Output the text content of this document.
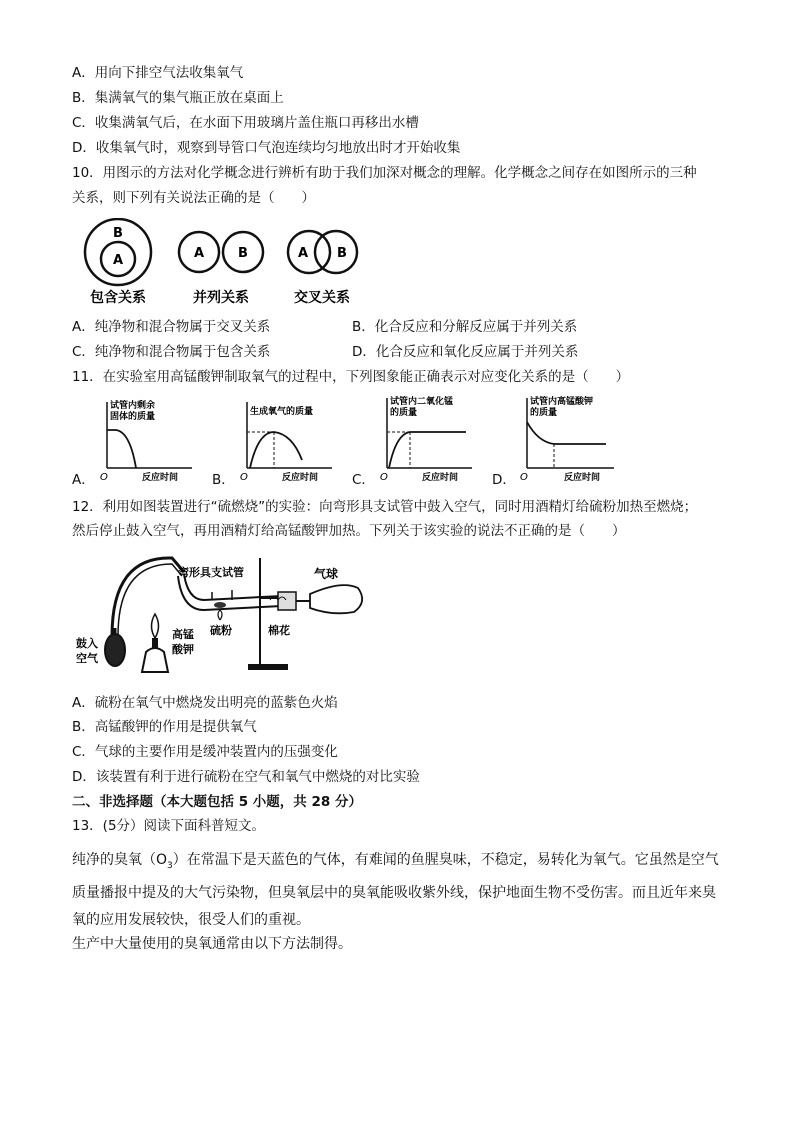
A．用向下排空气法收集氧气
B．集满氧气的集气瓶正放在桌面上
C．收集满氧气后，在水面下用玻璃片盖住瓶口再移出水槽
D．收集氧气时，观察到导管口气泡连续均匀地放出时才开始收集
10．用图示的方法对化学概念进行辨析有助于我们加深对概念的理解。化学概念之间存在如图所示的三种
关系，则下列有关说法正确的是（　　）
B
A
包含关系
A	B
并列关系
A B
交叉关系
A．纯净物和混合物属于交叉关系	B．化合反应和分解反应属于并列关系
C．纯净物和混合物属于包含关系	D．化合反应和氧化反应属于并列关系
11．在实验室用高锰酸钾制取氧气的过程中，下列图象能正确表示对应变化关系的是（　　）
A．
试管内剩余
固体的质量
O	反应时间	B．
生成氧气的质量
O	反应时间	C．
试管内二氧化锰
的质量
O	反应时间	D．
试管内高锰酸钾
的质量
O	反应时间
12．利用如图装置进行“硫燃烧”的实验：向弯形具支试管中鼓入空气，同时用酒精灯给硫粉加热至燃烧；
然后停止鼓入空气，再用酒精灯给高锰酸钾加热。下列关于该实验的说法不正确的是（　　）
鼓入
空气
气球
弯形具支试管
棉花
高锰
酸钾
硫粉
A．硫粉在氧气中燃烧发出明亮的蓝紫色火焰
B．高锰酸钾的作用是提供氧气
C．气球的主要作用是缓冲装置内的压强变化
D．该装置有利于进行硫粉在空气和氧气中燃烧的对比实验
二、非选择题（本大题包括 5 小题，共 28 分）
13．(5分）阅读下面科普短文。
纯净的臭氧$(O_3)$在常温下是天蓝色的气体，有难闻的鱼腥臭味，不稳定，易转化为氧气。它虽然是空气
质量播报中提及的大气污染物，但臭氧层中的臭氧能吸收紫外线，保护地面生物不受伤害。而且近年来臭
氧的应用发展较快，很受人们的重视。
生产中大量使用的臭氧通常由以下方法制得。
